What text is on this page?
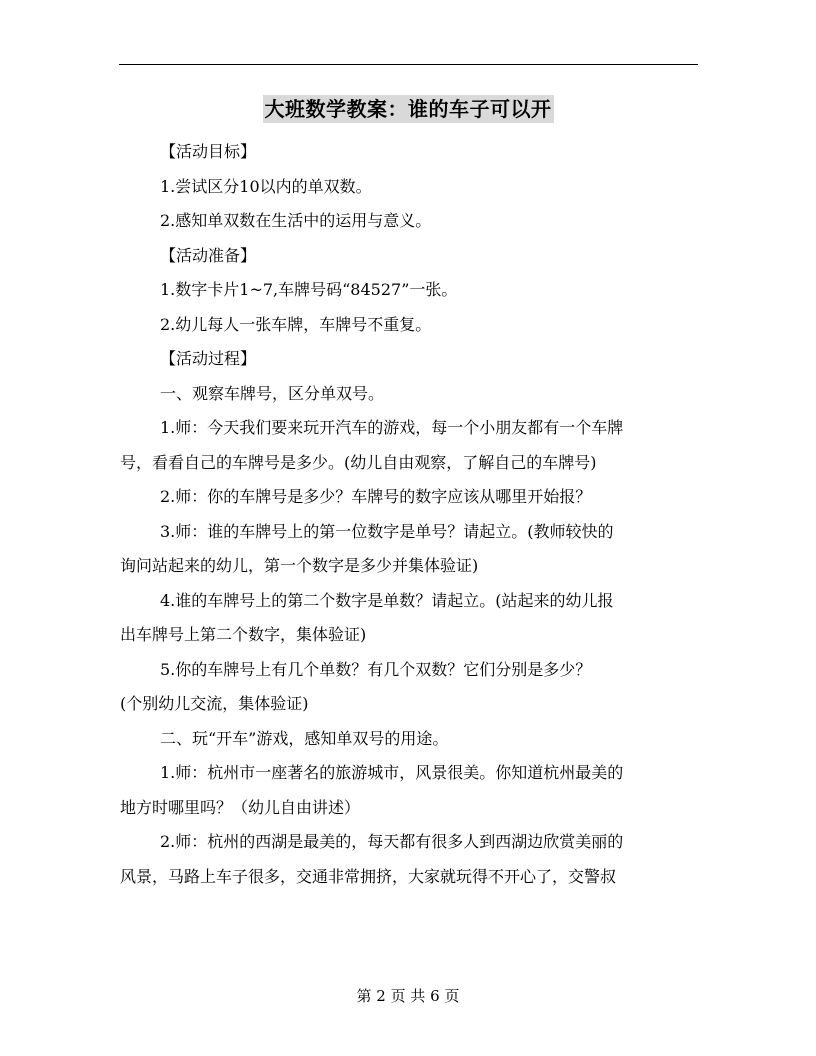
大班数学教案：谁的车子可以开

【活动目标】

1.尝试区分10以内的单双数。

2.感知单双数在生活中的运用与意义。

【活动准备】

1.数字卡片1~7,车牌号码“84527”一张。

2.幼儿每人一张车牌，车牌号不重复。

【活动过程】

一、观察车牌号，区分单双号。

1.师：今天我们要来玩开汽车的游戏，每一个小朋友都有一个车牌

号，看看自己的车牌号是多少。(幼儿自由观察，了解自己的车牌号)

2.师：你的车牌号是多少？车牌号的数字应该从哪里开始报？

3.师：谁的车牌号上的第一位数字是单号？请起立。(教师较快的

询问站起来的幼儿，第一个数字是多少并集体验证)

4.谁的车牌号上的第二个数字是单数？请起立。(站起来的幼儿报

出车牌号上第二个数字，集体验证)

5.你的车牌号上有几个单数？有几个双数？它们分别是多少？

(个别幼儿交流，集体验证)

二、玩“开车”游戏，感知单双号的用途。

1.师：杭州市一座著名的旅游城市，风景很美。你知道杭州最美的

地方时哪里吗？（幼儿自由讲述）

2.师：杭州的西湖是最美的，每天都有很多人到西湖边欣赏美丽的

风景，马路上车子很多，交通非常拥挤，大家就玩得不开心了，交警叔

第 2 页 共 6 页
